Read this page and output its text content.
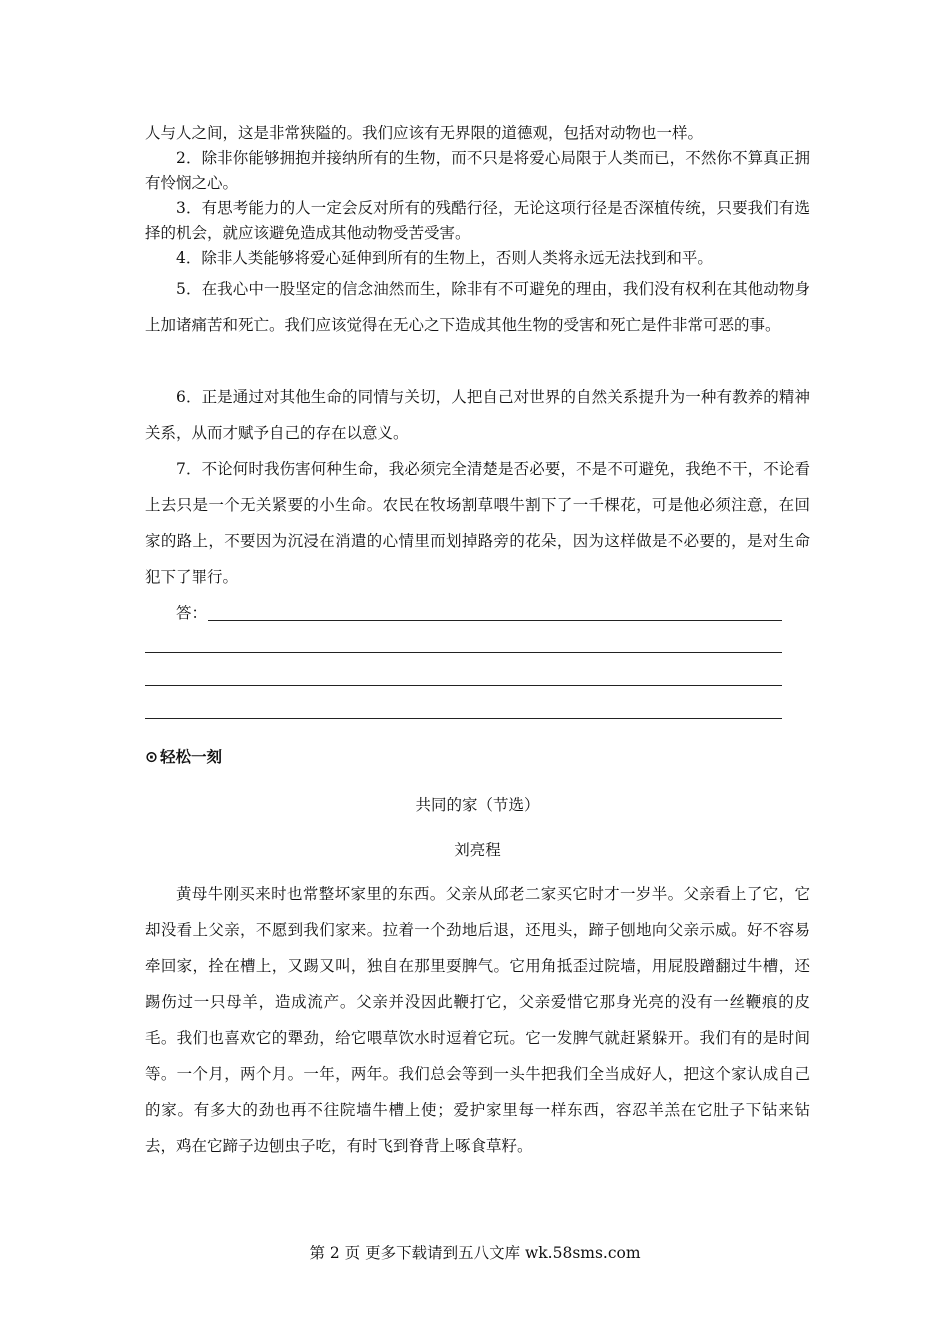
人与人之间，这是非常狭隘的。我们应该有无界限的道德观，包括对动物也一样。

2．除非你能够拥抱并接纳所有的生物，而不只是将爱心局限于人类而已，不然你不算真正拥有怜悯之心。

3．有思考能力的人一定会反对所有的残酷行径，无论这项行径是否深植传统，只要我们有选择的机会，就应该避免造成其他动物受苦受害。

4．除非人类能够将爱心延伸到所有的生物上，否则人类将永远无法找到和平。

5．在我心中一股坚定的信念油然而生，除非有不可避免的理由，我们没有权利在其他动物身上加诸痛苦和死亡。我们应该觉得在无心之下造成其他生物的受害和死亡是件非常可恶的事。

6．正是通过对其他生命的同情与关切，人把自己对世界的自然关系提升为一种有教养的精神关系，从而才赋予自己的存在以意义。

7．不论何时我伤害何种生命，我必须完全清楚是否必要，不是不可避免，我绝不干，不论看上去只是一个无关紧要的小生命。农民在牧场割草喂牛割下了一千棵花，可是他必须注意，在回家的路上，不要因为沉浸在消遣的心情里而划掉路旁的花朵，因为这样做是不必要的，是对生命犯下了罪行。

答：
⊙ 轻松一刻
共同的家（节选）
刘亮程

黄母牛刚买来时也常整坏家里的东西。父亲从邱老二家买它时才一岁半。父亲看上了它，它却没看上父亲，不愿到我们家来。拉着一个劲地后退，还甩头，蹄子刨地向父亲示威。好不容易牵回家，拴在槽上，又踢又叫，独自在那里耍脾气。它用角抵歪过院墙，用屁股蹭翻过牛槽，还踢伤过一只母羊，造成流产。父亲并没因此鞭打它，父亲爱惜它那身光亮的没有一丝鞭痕的皮毛。我们也喜欢它的犟劲，给它喂草饮水时逗着它玩。它一发脾气就赶紧躲开。我们有的是时间等。一个月，两个月。一年，两年。我们总会等到一头牛把我们全当成好人，把这个家认成自己的家。有多大的劲也再不往院墙牛槽上使；爱护家里每一样东西，容忍羊羔在它肚子下钻来钻去，鸡在它蹄子边刨虫子吃，有时飞到脊背上啄食草籽。

第 2 页 更多下载请到五八文库 wk.58sms.com
